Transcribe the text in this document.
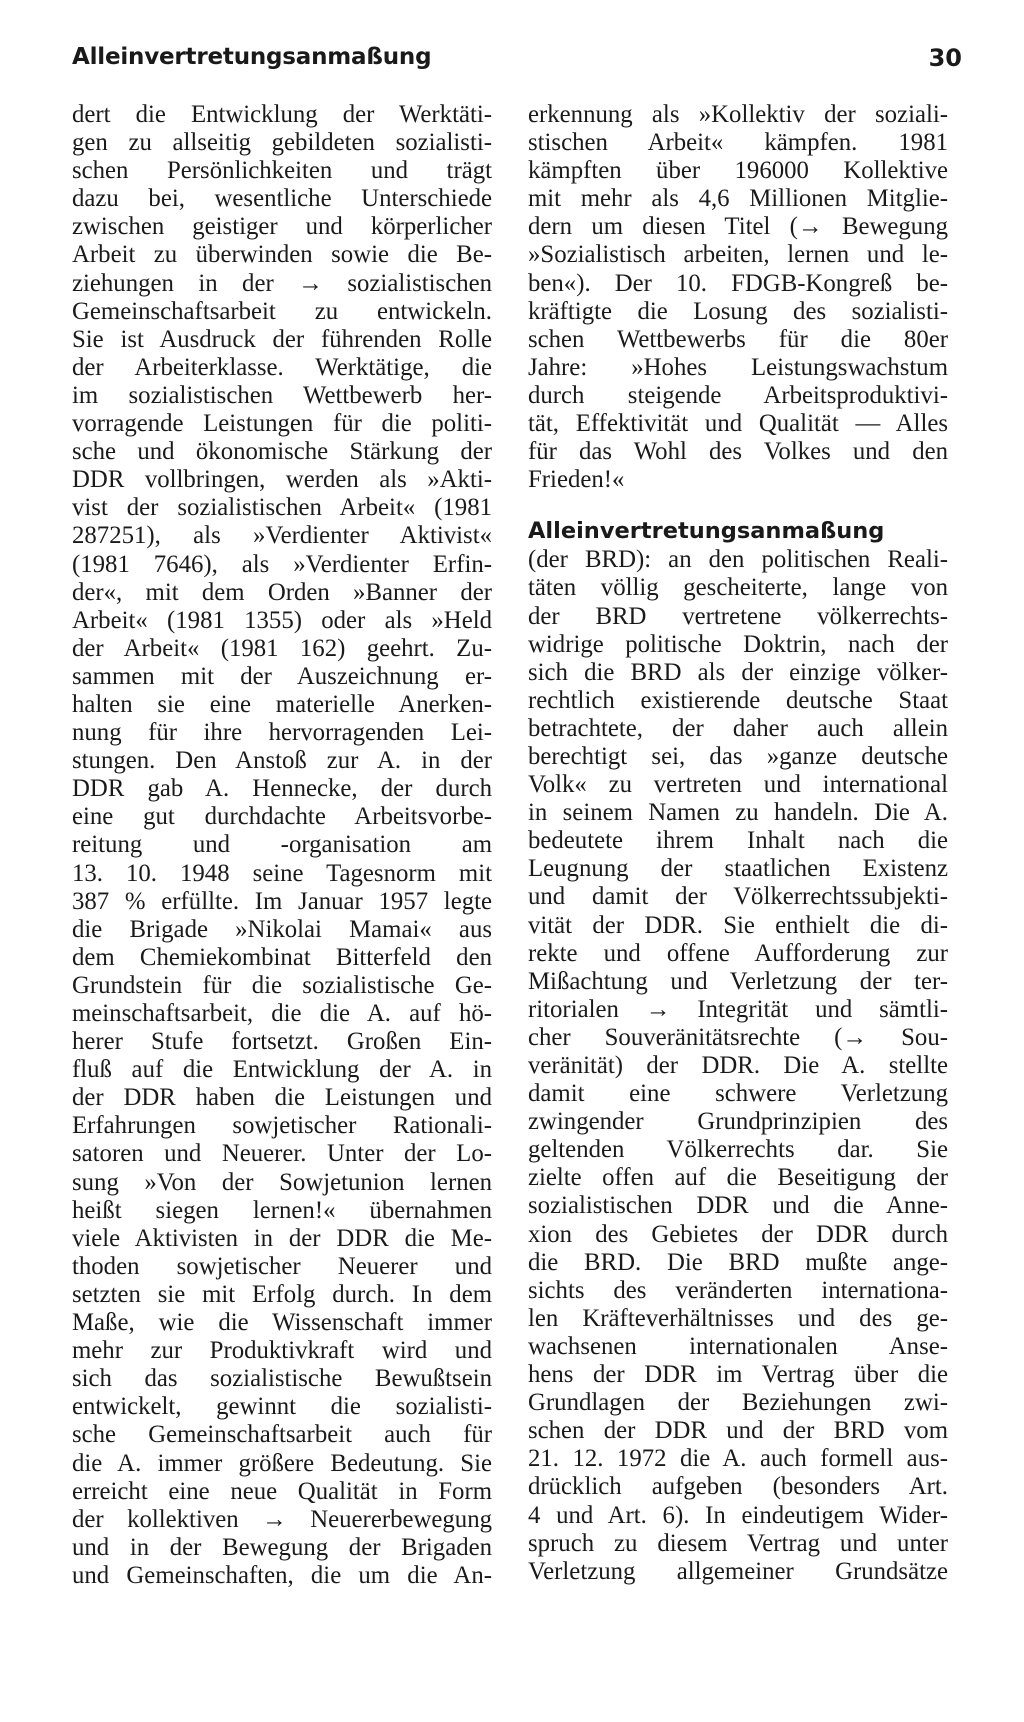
Alleinvertretungsanmaßung	30
dert die Entwicklung der Werktäti-
gen zu allseitig gebildeten sozialisti-
schen Persönlichkeiten und trägt
dazu bei, wesentliche Unterschiede
zwischen geistiger und körperlicher
Arbeit zu überwinden sowie die Be-
ziehungen in der → sozialistischen
Gemeinschaftsarbeit zu entwickeln.
Sie ist Ausdruck der führenden Rolle
der Arbeiterklasse. Werktätige, die
im sozialistischen Wettbewerb her-
vorragende Leistungen für die politi-
sche und ökonomische Stärkung der
DDR vollbringen, werden als »Akti-
vist der sozialistischen Arbeit« (1981
287251), als »Verdienter Aktivist«
(1981 7646), als »Verdienter Erfin-
der«, mit dem Orden »Banner der
Arbeit« (1981 1355) oder als »Held
der Arbeit« (1981 162) geehrt. Zu-
sammen mit der Auszeichnung er-
halten sie eine materielle Anerken-
nung für ihre hervorragenden Lei-
stungen. Den Anstoß zur A. in der
DDR gab A. Hennecke, der durch
eine gut durchdachte Arbeitsvorbe-
reitung und -organisation am
13. 10. 1948 seine Tagesnorm mit
387 % erfüllte. Im Januar 1957 legte
die Brigade »Nikolai Mamai« aus
dem Chemiekombinat Bitterfeld den
Grundstein für die sozialistische Ge-
meinschaftsarbeit, die die A. auf hö-
herer Stufe fortsetzt. Großen Ein-
fluß auf die Entwicklung der A. in
der DDR haben die Leistungen und
Erfahrungen sowjetischer Rationali-
satoren und Neuerer. Unter der Lo-
sung »Von der Sowjetunion lernen
heißt siegen lernen!« übernahmen
viele Aktivisten in der DDR die Me-
thoden sowjetischer Neuerer und
setzten sie mit Erfolg durch. In dem
Maße, wie die Wissenschaft immer
mehr zur Produktivkraft wird und
sich das sozialistische Bewußtsein
entwickelt, gewinnt die sozialisti-
sche Gemeinschaftsarbeit auch für
die A. immer größere Bedeutung. Sie
erreicht eine neue Qualität in Form
der kollektiven → Neuererbewegung
und in der Bewegung der Brigaden
und Gemeinschaften, die um die An-
erkennung als »Kollektiv der soziali-
stischen Arbeit« kämpfen. 1981
kämpften über 196000 Kollektive
mit mehr als 4,6 Millionen Mitglie-
dern um diesen Titel (→ Bewegung
»Sozialistisch arbeiten, lernen und le-
ben«). Der 10. FDGB-Kongreß be-
kräftigte die Losung des sozialisti-
schen Wettbewerbs für die 80er
Jahre: »Hohes Leistungswachstum
durch steigende Arbeitsproduktivi-
tät, Effektivität und Qualität — Alles
für das Wohl des Volkes und den
Frieden!«
Alleinvertretungsanmaßung
(der BRD): an den politischen Reali-
täten völlig gescheiterte, lange von
der BRD vertretene völkerrechts-
widrige politische Doktrin, nach der
sich die BRD als der einzige völker-
rechtlich existierende deutsche Staat
betrachtete, der daher auch allein
berechtigt sei, das »ganze deutsche
Volk« zu vertreten und international
in seinem Namen zu handeln. Die A.
bedeutete ihrem Inhalt nach die
Leugnung der staatlichen Existenz
und damit der Völkerrechtssubjekti-
vität der DDR. Sie enthielt die di-
rekte und offene Aufforderung zur
Mißachtung und Verletzung der ter-
ritorialen → Integrität und sämtli-
cher Souveränitätsrechte (→ Sou-
veränität) der DDR. Die A. stellte
damit eine schwere Verletzung
zwingender Grundprinzipien des
geltenden Völkerrechts dar. Sie
zielte offen auf die Beseitigung der
sozialistischen DDR und die Anne-
xion des Gebietes der DDR durch
die BRD. Die BRD mußte ange-
sichts des veränderten internationa-
len Kräfteverhältnisses und des ge-
wachsenen internationalen Anse-
hens der DDR im Vertrag über die
Grundlagen der Beziehungen zwi-
schen der DDR und der BRD vom
21. 12. 1972 die A. auch formell aus-
drücklich aufgeben (besonders Art.
4 und Art. 6). In eindeutigem Wider-
spruch zu diesem Vertrag und unter
Verletzung allgemeiner Grundsätze
